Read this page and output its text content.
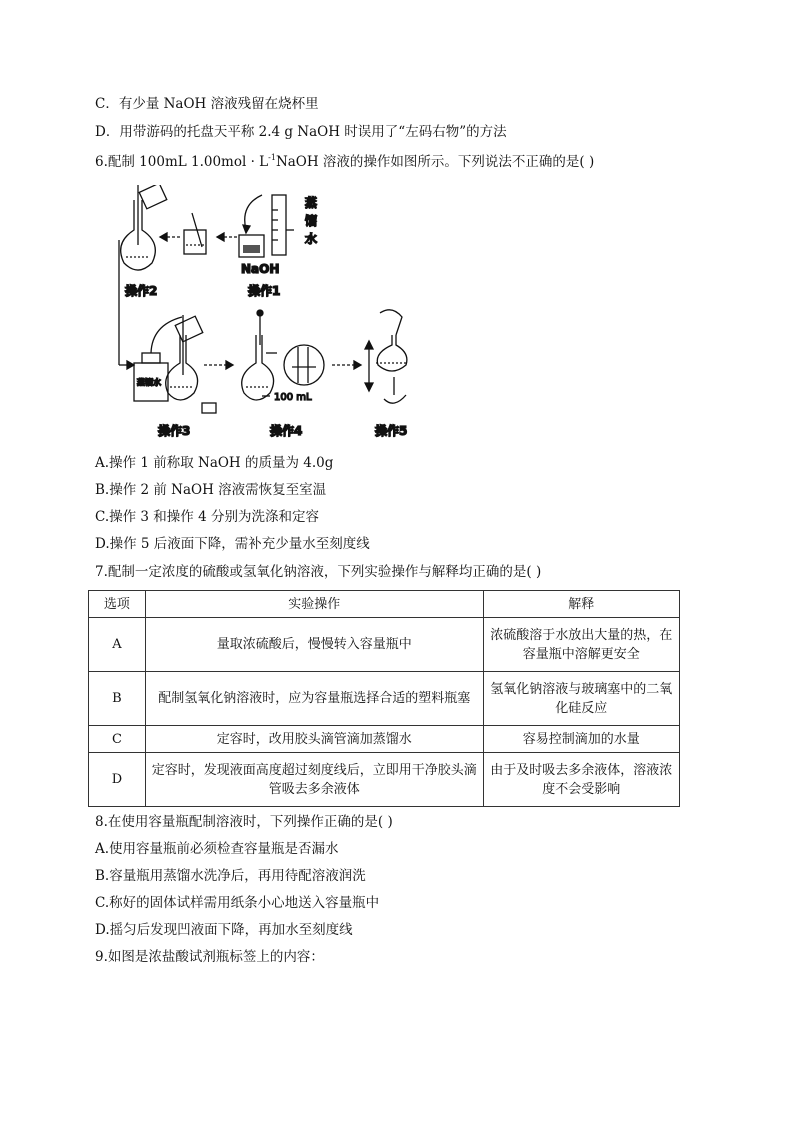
C．有少量 NaOH 溶液残留在烧杯里
D．用带游码的托盘天平称 2.4 g NaOH 时误用了“左码右物”的方法
6.配制 100mL $1.00mol \cdot L^{-1}NaOH$ 溶液的操作如图所示。下列说法不正确的是( )
NaOH
蒸
馏
水
操作2	操作1
蒸馏水
100 mL
操作3	操作4	操作5
A.操作 1 前称取 NaOH 的质量为 4.0g
B.操作 2 前 NaOH 溶液需恢复至室温
C.操作 3 和操作 4 分别为洗涤和定容
D.操作 5 后液面下降，需补充少量水至刻度线
7.配制一定浓度的硫酸或氢氧化钠溶液，下列实验操作与解释均正确的是( )
选项	实验操作	解释
A	量取浓硫酸后，慢慢转入容量瓶中	浓硫酸溶于水放出大量的热，在容量瓶中溶解更安全
B	配制氢氧化钠溶液时，应为容量瓶选择合适的塑料瓶塞	氢氧化钠溶液与玻璃塞中的二氧化硅反应
C	定容时，改用胶头滴管滴加蒸馏水	容易控制滴加的水量
D	定容时，发现液面高度超过刻度线后，立即用干净胶头滴管吸去多余液体	由于及时吸去多余液体，溶液浓度不会受影响
8.在使用容量瓶配制溶液时，下列操作正确的是( )
A.使用容量瓶前必须检查容量瓶是否漏水
B.容量瓶用蒸馏水洗净后，再用待配溶液润洗
C.称好的固体试样需用纸条小心地送入容量瓶中
D.摇匀后发现凹液面下降，再加水至刻度线
9.如图是浓盐酸试剂瓶标签上的内容：
